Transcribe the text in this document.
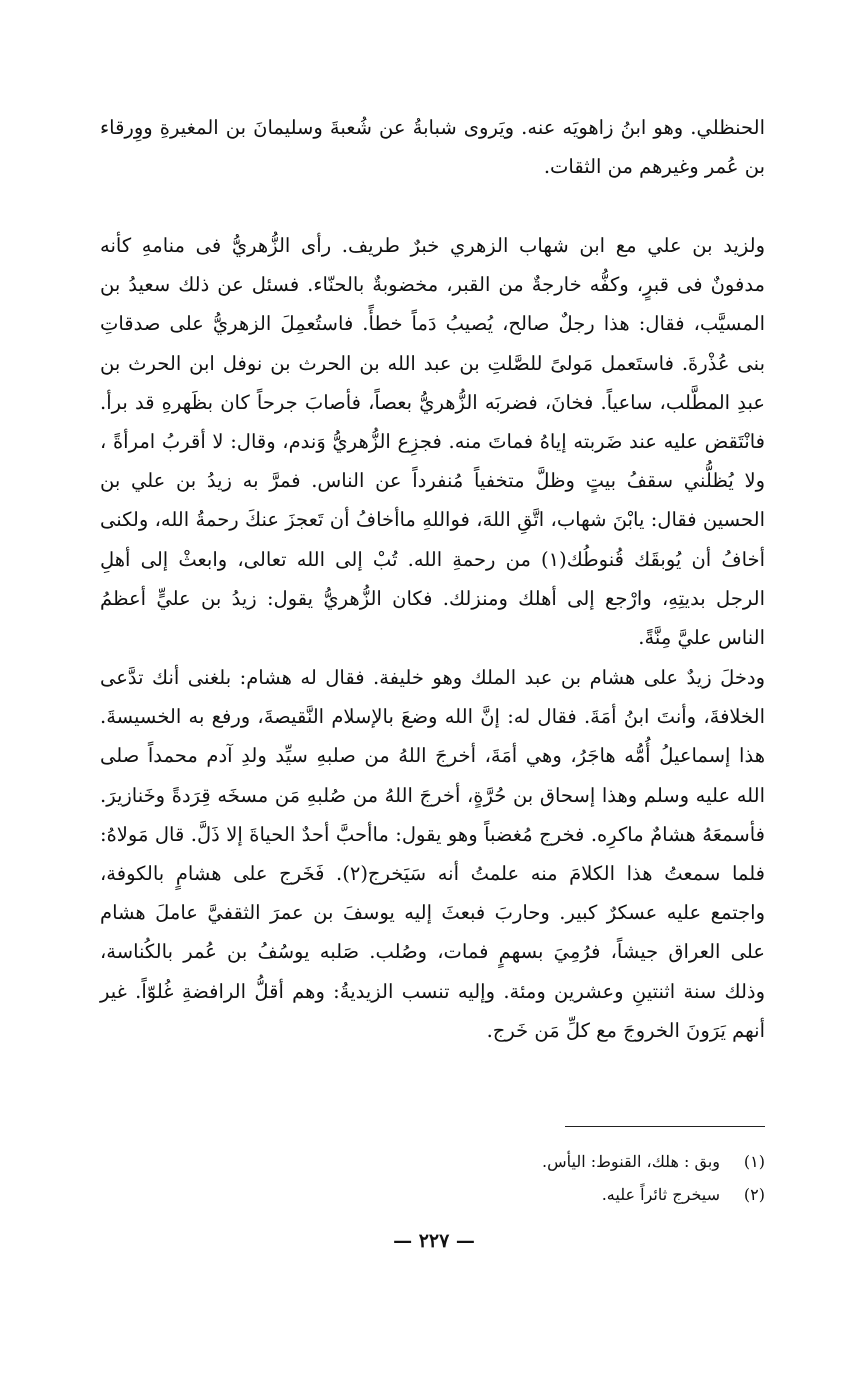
الحنظلي. وهو ابنُ زاهويَه عنه. ويَروى شبابةُ عن شُعبةَ وسليمانَ بن المغيرةِ ووِرقاء بن عُمر وغيرهم من الثقات.

ولزيد بن علي مع ابن شهاب الزهري خبرٌ طريف. رأى الزُّهريُّ فى منامهِ كأنه مدفونٌ فى قبرٍ، وكفُّه خارجةٌ من القبر، مخضوبةٌ بالحنّاء. فسئل عن ذلك سعيدُ بن المسيَّب، فقال: هذا رجلٌ صالح، يُصيبُ دَماً خطأً. فاستُعمِلَ الزهريُّ على صدقاتِ بنى عُذْرةَ. فاستَعمل مَولىً للصَّلتِ بن عبد الله بن الحرث بن نوفل ابن الحرث بن عبدِ المطَّلب، ساعياً. فخانَ، فضربَه الزُّهريُّ بعصاً، فأصابَ جرحاً كان بظَهرهِ قد برأ. فانْتَقض عليه عند ضَربته إياهُ فماتَ منه. فجزِع الزُّهريُّ وَندم، وقال: لا أقربُ امرأةً ، ولا يُظلُّني سقفُ بيتٍ وظلَّ متخفياً مُنفرداً عن الناس. فمرَّ به زيدُ بن علي بن الحسين فقال: يابْنَ شهاب، اتَّقِ اللهَ، فواللهِ ماأخافُ أن تَعجزَ عنكَ رحمةُ الله، ولكنى أخافُ أن يُوبقَك قُنوطُك(١) من رحمةِ الله. تُبْ إلى الله تعالى، وابعثْ إلى أهلِ الرجل بديتِهِ، وارْجع إلى أهلك ومنزلك. فكان الزُّهريُّ يقول: زيدُ بن عليٍّ أعظمُ الناس عليَّ مِنَّةً.

ودخلَ زيدٌ على هشام بن عبد الملك وهو خليفة. فقال له هشام: بلغنى أنك تدَّعى الخلافةَ، وأنتَ ابنُ أمَةَ. فقال له: إنَّ الله وضعَ بالإسلام النَّقيصةَ، ورفع به الخسيسةَ. هذا إسماعيلُ أُمُّه هاجَرُ، وهي أمَةَ، أخرجَ اللهُ من صلبهِ سيِّد ولدِ آدم محمداً صلى الله عليه وسلم وهذا إسحاق بن حُرَّةٍ، أخرجَ اللهُ من صُلبهِ مَن مسخَه قِرَدةً وخَنازيرَ. فأسمعَهُ هشامٌ ماكرِه. فخرج مُغضباً وهو يقول: ماأحبَّ أحدٌ الحياةَ إلا ذَلَّ. قال مَولاهُ: فلما سمعتُ هذا الكلامَ منه علمتُ أنه سَيَخرج(٢). فَخَرج على هشامٍ بالكوفة، واجتمع عليه عسكرٌ كبير. وحاربَ فبعثَ إليه يوسفَ بن عمرَ الثقفيَّ عاملَ هشام على العراق جيشاً، فرُمِيَ بسهمٍ فمات، وصُلب. صَلبه يوسُفُ بن عُمر بالكُناسة، وذلك سنة اثنتينِ وعشرين ومئة. وإليه تنسب الزيديةُ: وهم أقلُّ الرافضةِ غُلوّاً. غير أنهم يَرَونَ الخروجَ مع كلِّ مَن خَرج.

(١)
وبق : هلك، القنوط: اليأس.
(٢)
سيخرج ثائراً عليه.
— ٢٢٧ —
